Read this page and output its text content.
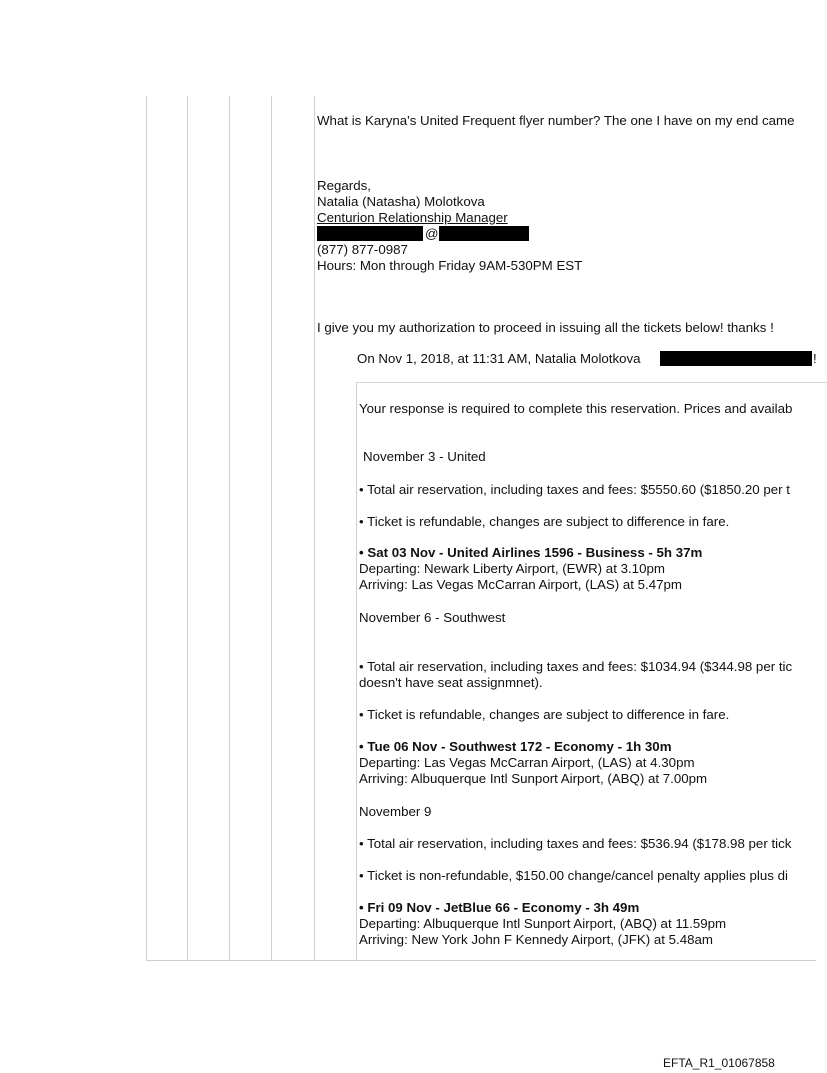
What is Karyna's United Frequent flyer number? The one I have on my end came
Regards,
Natalia (Natasha) Molotkova
Centurion Relationship Manager
@
(877) 877-0987
Hours: Mon through Friday 9AM-530PM EST
I give you my authorization to proceed in issuing all the tickets below! thanks !
On Nov 1, 2018, at 11:31 AM, Natalia Molotkova	!
Your response is required to complete this reservation. Prices and availab
November 3 - United
• Total air reservation, including taxes and fees: $5550.60 ($1850.20 per t
• Ticket is refundable, changes are subject to difference in fare.
• Sat 03 Nov - United Airlines 1596 - Business - 5h 37m
Departing: Newark Liberty Airport, (EWR) at 3.10pm
Arriving: Las Vegas McCarran Airport, (LAS) at 5.47pm
November 6 - Southwest
• Total air reservation, including taxes and fees: $1034.94 ($344.98 per tic
doesn't have seat assignmnet).
• Ticket is refundable, changes are subject to difference in fare.
• Tue 06 Nov - Southwest 172 - Economy - 1h 30m
Departing: Las Vegas McCarran Airport, (LAS) at 4.30pm
Arriving: Albuquerque Intl Sunport Airport, (ABQ) at 7.00pm
November 9
• Total air reservation, including taxes and fees: $536.94 ($178.98 per tick
• Ticket is non-refundable, $150.00 change/cancel penalty applies plus di
• Fri 09 Nov - JetBlue 66 - Economy - 3h 49m
Departing: Albuquerque Intl Sunport Airport, (ABQ) at 11.59pm
Arriving: New York John F Kennedy Airport, (JFK) at 5.48am
EFTA_R1_01067858
